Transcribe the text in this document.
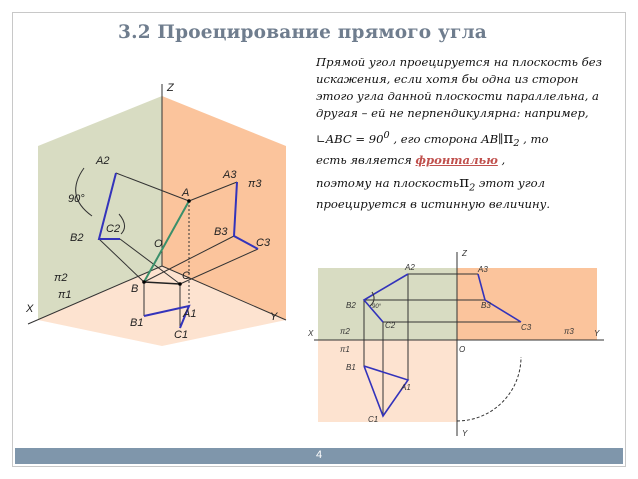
3.2 Проецирование прямого угла

Прямой угол проецируется на плоскость без искажения, если хотя бы одна из сторон этого угла данной плоскости параллельна, а другая – ей не перпендикулярна: например,

∟ABC = $90^0$ , его сторона $AB\parallel\pi_2$ , то

есть является фронталью ,

поэтому на плоскостьπ$_2$ этот угол проецируется в истинную величину.

Z
Y
X
O
90°	A
A1
A2
A3
B
B1
B2	B3
C
C1
C2
C3
π1
π2
π3
Z
Y
Y
X
O
A1
A2	A3
B1
B2	B3
C1
C2	C3
π1
π2	π3
90°
4
